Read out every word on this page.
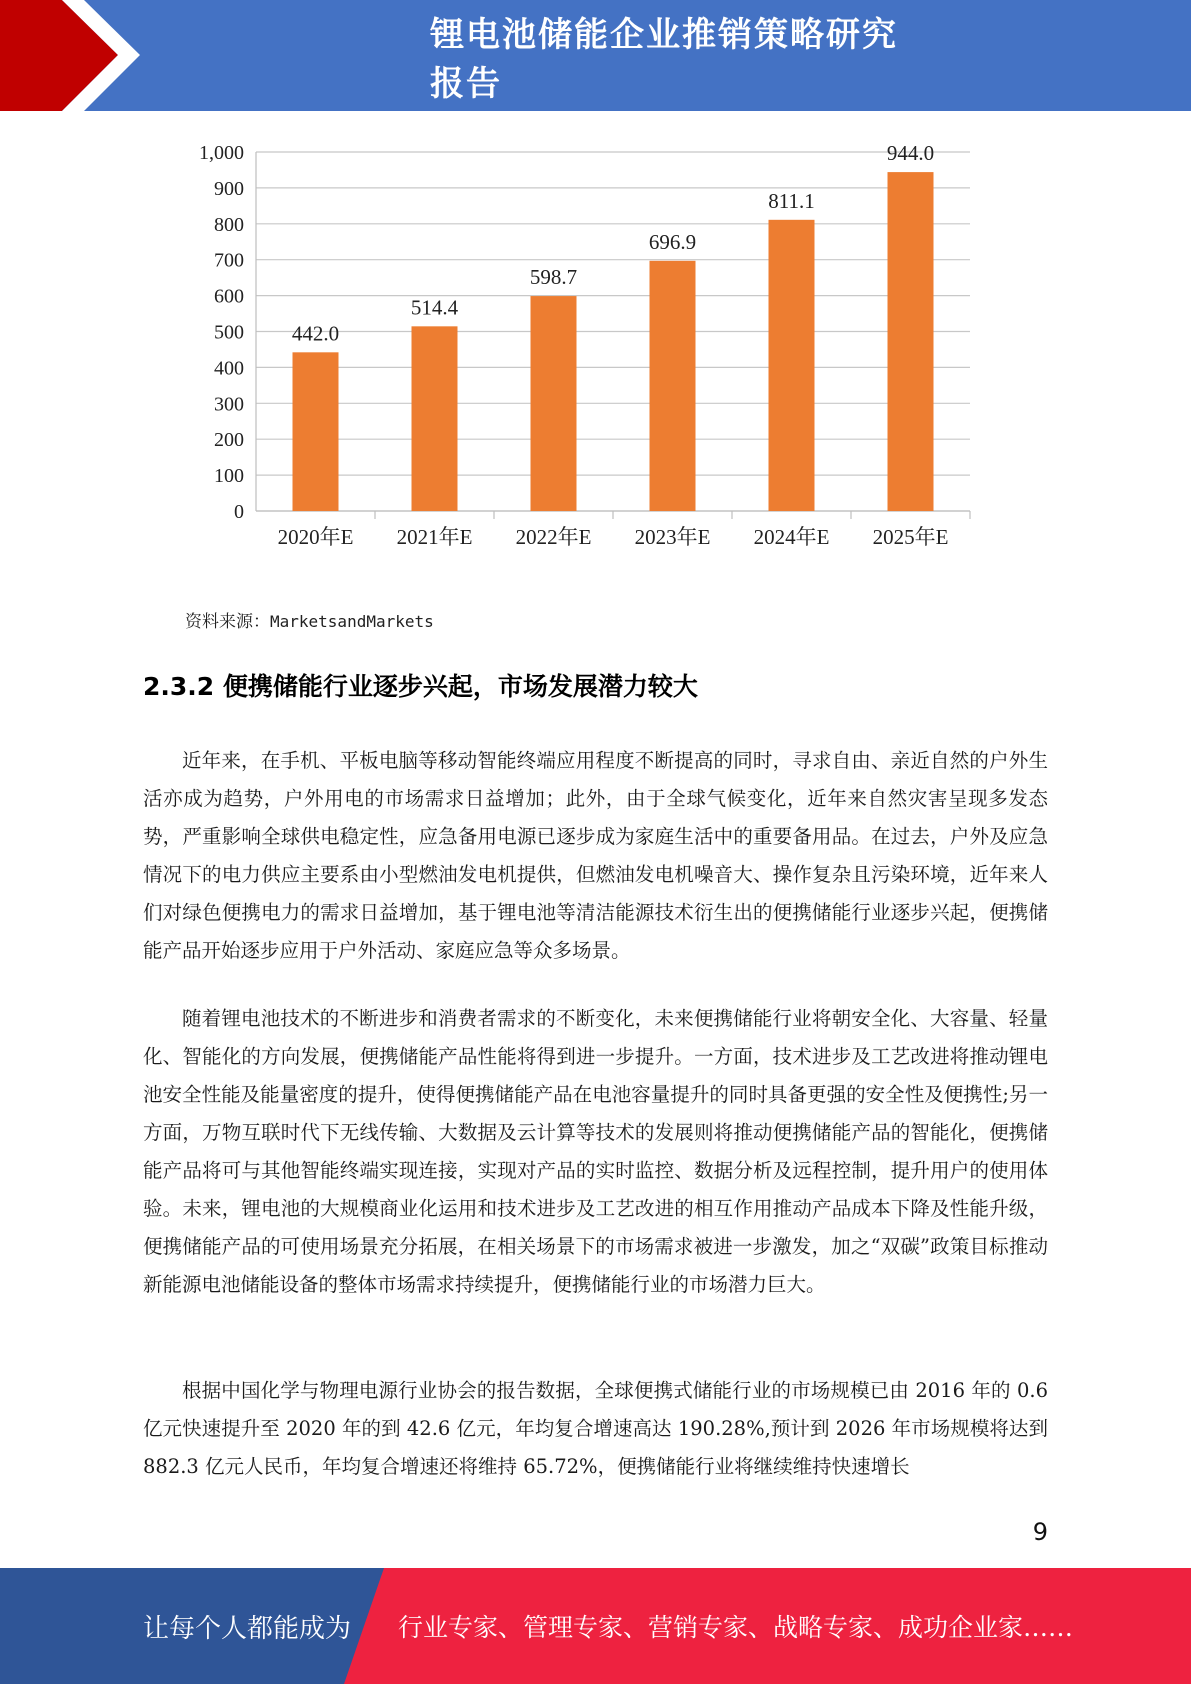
锂电池储能企业推销策略研究报告
0
100
200
300
400
500
600
700
800
900
1,000
442.0
2020年E
514.4
2021年E
598.7
2022年E
696.9
2023年E
811.1
2024年E
944.0
2025年E
资料来源：MarketsandMarkets
2.3.2 便携储能行业逐步兴起，市场发展潜力较大

近年来，在手机、平板电脑等移动智能终端应用程度不断提高的同时，寻求自由、亲近自然的户外生活亦成为趋势，户外用电的市场需求日益增加；此外，由于全球气候变化，近年来自然灾害呈现多发态势，严重影响全球供电稳定性，应急备用电源已逐步成为家庭生活中的重要备用品。在过去，户外及应急情况下的电力供应主要系由小型燃油发电机提供，但燃油发电机噪音大、操作复杂且污染环境，近年来人们对绿色便携电力的需求日益增加，基于锂电池等清洁能源技术衍生出的便携储能行业逐步兴起，便携储能产品开始逐步应用于户外活动、家庭应急等众多场景。

随着锂电池技术的不断进步和消费者需求的不断变化，未来便携储能行业将朝安全化、大容量、轻量化、智能化的方向发展，便携储能产品性能将得到进一步提升。一方面，技术进步及工艺改进将推动锂电池安全性能及能量密度的提升，使得便携储能产品在电池容量提升的同时具备更强的安全性及便携性;另一方面，万物互联时代下无线传输、大数据及云计算等技术的发展则将推动便携储能产品的智能化，便携储能产品将可与其他智能终端实现连接，实现对产品的实时监控、数据分析及远程控制，提升用户的使用体验。未来，锂电池的大规模商业化运用和技术进步及工艺改进的相互作用推动产品成本下降及性能升级，便携储能产品的可使用场景充分拓展，在相关场景下的市场需求被进一步激发，加之“双碳”政策目标推动新能源电池储能设备的整体市场需求持续提升，便携储能行业的市场潜力巨大。

根据中国化学与物理电源行业协会的报告数据，全球便携式储能行业的市场规模已由 2016 年的 0.6 亿元快速提升至 2020 年的到 42.6 亿元，年均复合增速高达 190.28%,预计到 2026 年市场规模将达到 882.3 亿元人民币，年均复合增速还将维持 65.72%，便携储能行业将继续维持快速增长

9
让每个人都能成为 行业专家、管理专家、营销专家、战略专家、成功企业家……
